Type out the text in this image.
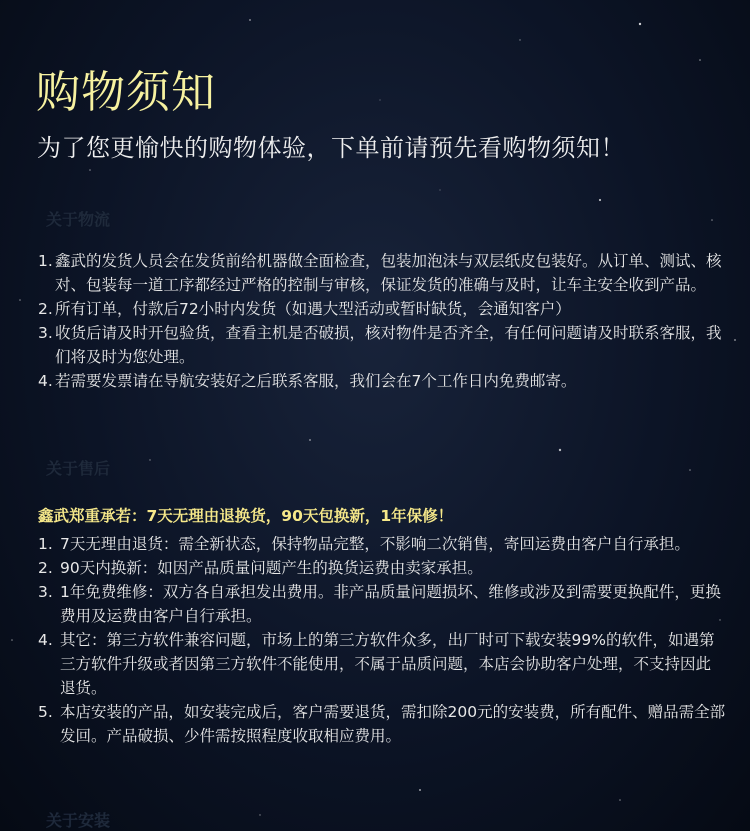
购物须知
为了您更愉快的购物体验，下单前请预先看购物须知！
关于物流
1. 鑫武的发货人员会在发货前给机器做全面检查，包装加泡沫与双层纸皮包装好。从订单、测试、核对、包装每一道工序都经过严格的控制与审核，保证发货的准确与及时，让车主安全收到产品。
2. 所有订单，付款后72小时内发货（如遇大型活动或暂时缺货，会通知客户）
3. 收货后请及时开包验货，查看主机是否破损，核对物件是否齐全，有任何问题请及时联系客服，我们将及时为您处理。
4. 若需要发票请在导航安装好之后联系客服，我们会在7个工作日内免费邮寄。
关于售后
鑫武郑重承若：7天无理由退换货，90天包换新，1年保修！
1. 7天无理由退货：需全新状态，保持物品完整，不影响二次销售，寄回运费由客户自行承担。
2. 90天内换新：如因产品质量问题产生的换货运费由卖家承担。
3. 1年免费维修：双方各自承担发出费用。非产品质量问题损坏、维修或涉及到需要更换配件，更换费用及运费由客户自行承担。
4. 其它：第三方软件兼容问题，市场上的第三方软件众多，出厂时可下载安装99%的软件，如遇第三方软件升级或者因第三方软件不能使用，不属于品质问题，本店会协助客户处理，不支持因此退货。
5. 本店安装的产品，如安装完成后，客户需要退货，需扣除200元的安装费，所有配件、赠品需全部发回。产品破损、少件需按照程度收取相应费用。
关于安装
